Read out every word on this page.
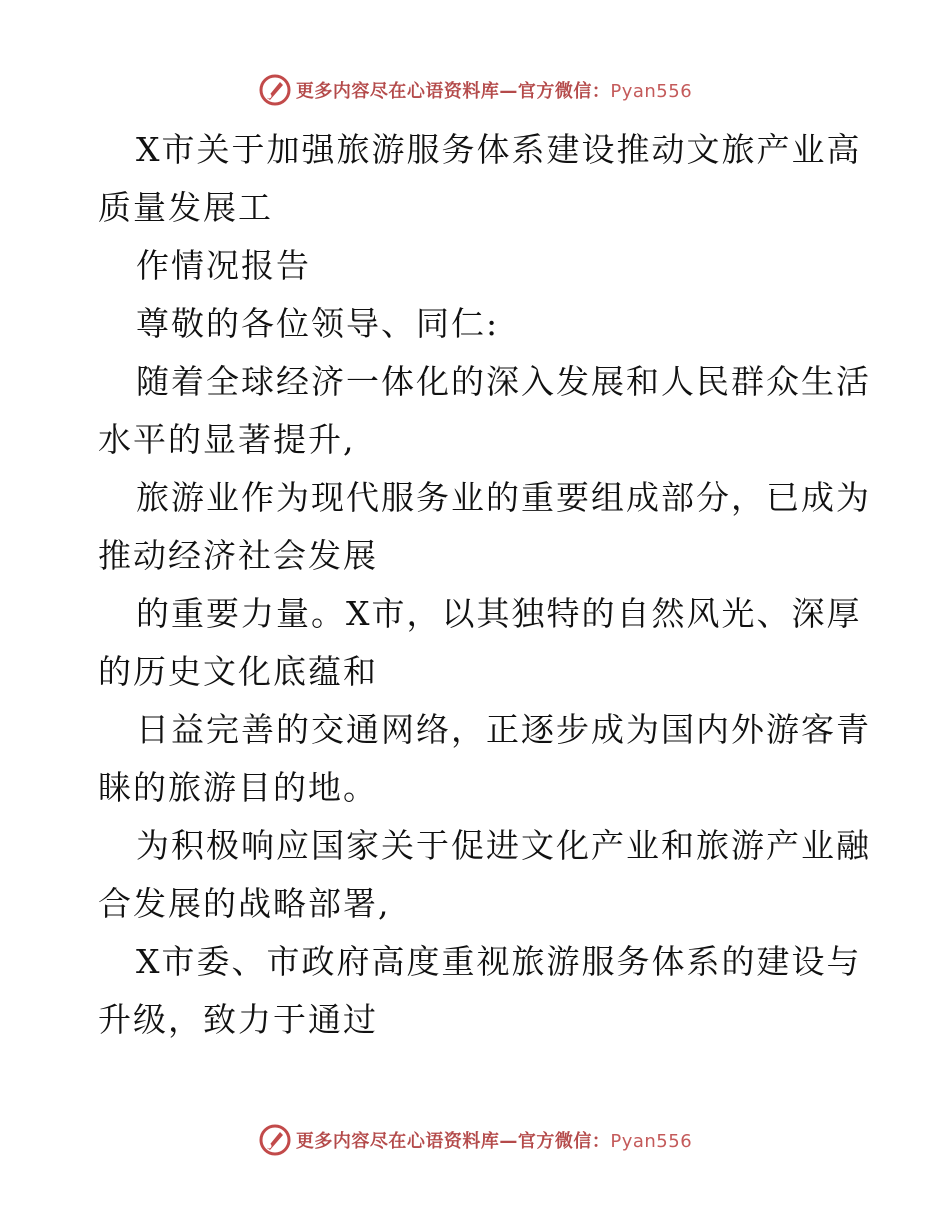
更多内容尽在心语资料库—官方微信：Pyan556
X市关于加强旅游服务体系建设推动文旅产业高
质量发展工
作情况报告
尊敬的各位领导、同仁:
随着全球经济一体化的深入发展和人民群众生活
水平的显著提升,
旅游业作为现代服务业的重要组成部分，已成为
推动经济社会发展
的重要力量。X市，以其独特的自然风光、深厚
的历史文化底蕴和
日益完善的交通网络，正逐步成为国内外游客青
睐的旅游目的地。
为积极响应国家关于促进文化产业和旅游产业融
合发展的战略部署,
X市委、市政府高度重视旅游服务体系的建设与
升级，致力于通过
更多内容尽在心语资料库—官方微信：Pyan556
